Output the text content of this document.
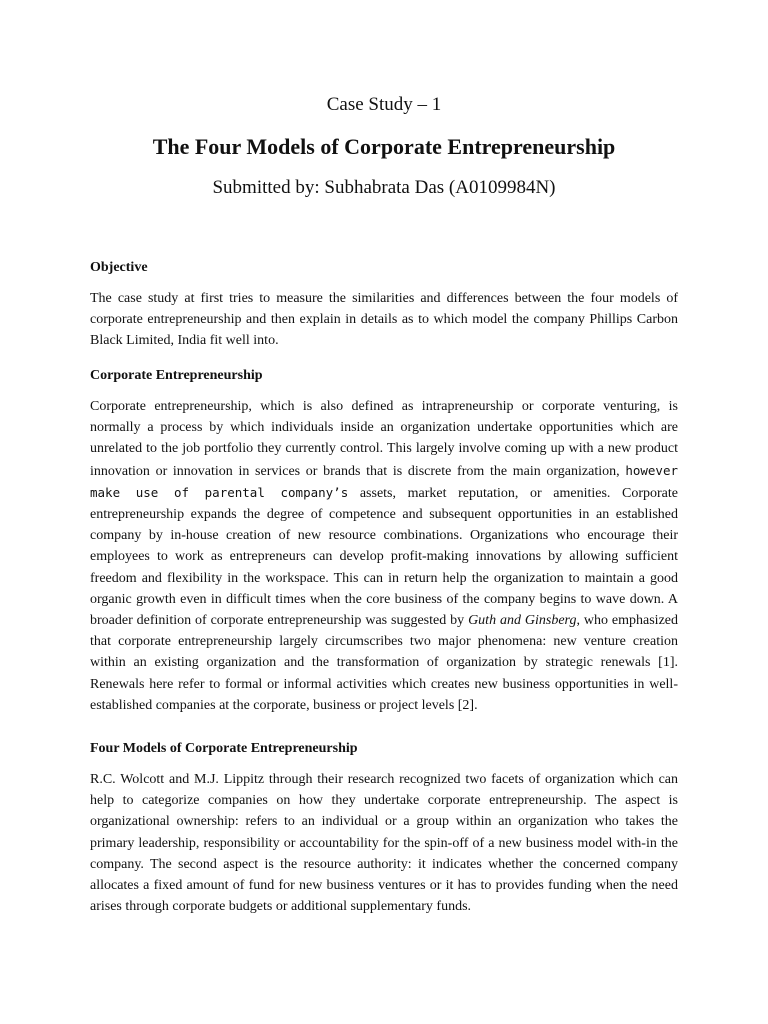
Case Study – 1
The Four Models of Corporate Entrepreneurship
Submitted by: Subhabrata Das (A0109984N)
Objective

The case study at first tries to measure the similarities and differences between the four models of corporate entrepreneurship and then explain in details as to which model the company Phillips Carbon Black Limited, India fit well into.

Corporate Entrepreneurship

Corporate entrepreneurship, which is also defined as intrapreneurship or corporate venturing, is normally a process by which individuals inside an organization undertake opportunities which are unrelated to the job portfolio they currently control. This largely involve coming up with a new product innovation or innovation in services or brands that is discrete from the main organization, however make use of parental company’s assets, market reputation, or amenities. Corporate entrepreneurship expands the degree of competence and subsequent opportunities in an established company by in-house creation of new resource combinations. Organizations who encourage their employees to work as entrepreneurs can develop profit-making innovations by allowing sufficient freedom and flexibility in the workspace. This can in return help the organization to maintain a good organic growth even in difficult times when the core business of the company begins to wave down. A broader definition of corporate entrepreneurship was suggested by Guth and Ginsberg, who emphasized that corporate entrepreneurship largely circumscribes two major phenomena: new venture creation within an existing organization and the transformation of organization by strategic renewals [1]. Renewals here refer to formal or informal activities which creates new business opportunities in well-established companies at the corporate, business or project levels [2].

Four Models of Corporate Entrepreneurship

R.C. Wolcott and M.J. Lippitz through their research recognized two facets of organization which can help to categorize companies on how they undertake corporate entrepreneurship. The aspect is organizational ownership: refers to an individual or a group within an organization who takes the primary leadership, responsibility or accountability for the spin-off of a new business model with-in the company. The second aspect is the resource authority: it indicates whether the concerned company allocates a fixed amount of fund for new business ventures or it has to provides funding when the need arises through corporate budgets or additional supplementary funds.
